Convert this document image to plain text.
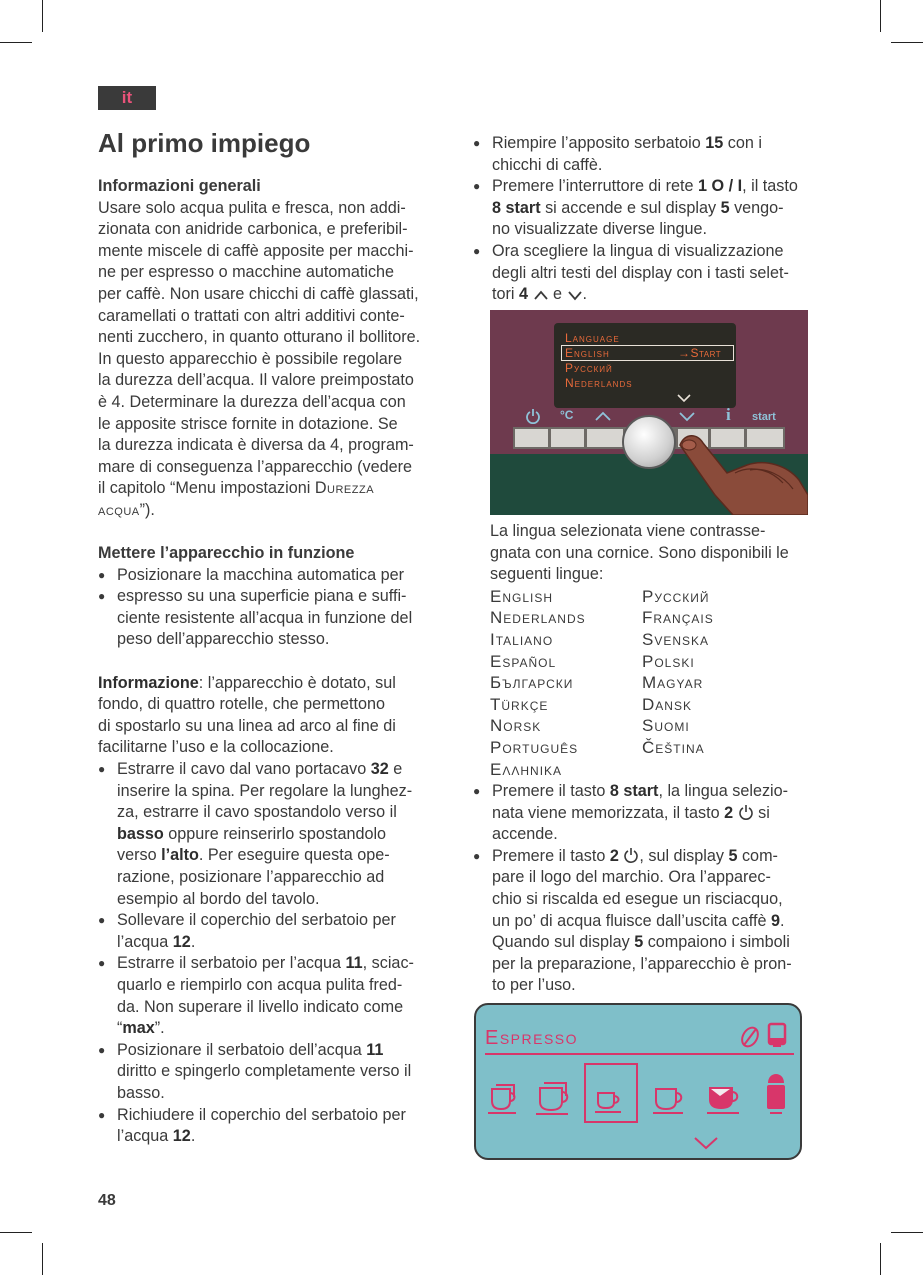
it
Al primo impiego

Informazioni generali

Usare solo acqua pulita e fresca, non addi-

zionata con anidride carbonica, e preferibil-

mente miscele di caffè apposite per macchi-

ne per espresso o macchine automatiche

per caffè. Non usare chicchi di caffè glassati,

caramellati o trattati con altri additivi conte-

nenti zucchero, in quanto otturano il bollitore.

In questo apparecchio è possibile regolare

la durezza dell’acqua. Il valore preimpostato

è 4. Determinare la durezza dell’acqua con

le apposite strisce fornite in dotazione. Se

la durezza indicata è diversa da 4, program-

mare di conseguenza l’apparecchio (vedere

il capitolo “Menu impostazioni Durezza

acqua”).

Mettere l’apparecchio in funzione

● Posizionare la macchina automatica per

● espresso su una superficie piana e suffi-

ciente resistente all’acqua in funzione del

peso dell’apparecchio stesso.

Informazione: l’apparecchio è dotato, sul

fondo, di quattro rotelle, che permettono

di spostarlo su una linea ad arco al fine di

facilitarne l’uso e la collocazione.

● Estrarre il cavo dal vano portacavo 32 e

inserire la spina. Per regolare la lunghez-

za, estrarre il cavo spostandolo verso il

basso oppure reinserirlo spostandolo

verso l’alto. Per eseguire questa ope-

razione, posizionare l’apparecchio ad

esempio al bordo del tavolo.

● Sollevare il coperchio del serbatoio per

l’acqua 12.

● Estrarre il serbatoio per l’acqua 11, sciac-

quarlo e riempirlo con acqua pulita fred-

da. Non superare il livello indicato come

“max”.

● Posizionare il serbatoio dell’acqua 11

diritto e spingerlo completamente verso il

basso.

● Richiudere il coperchio del serbatoio per

l’acqua 12.

● Riempire l’apposito serbatoio 15 con i

chicchi di caffè.

● Premere l’interruttore di rete 1 O / I, il tasto

8 start si accende e sul display 5 vengo-

no visualizzate diverse lingue.

● Ora scegliere la lingua di visualizzazione

degli altri testi del display con i tasti selet-

tori 4  e .

Language
English	→Start
Русский
Nederlands
°C	i start

La lingua selezionata viene contrasse-

gnata con una cornice. Sono disponibili le

seguenti lingue:

English	Русский
Nederlands	Français
Italiano	Svenska
Español	Polski
Български	Magyar
Türkçe	Dansk
Norsk	Suomi
Português	Čeština
Ελληνικα

● Premere il tasto 8 start, la lingua selezio-

nata viene memorizzata, il tasto 2  si

accende.

● Premere il tasto 2 , sul display 5 com-

pare il logo del marchio. Ora l’apparec-

chio si riscalda ed esegue un risciacquo,

un po’ di acqua fluisce dall’uscita caffè 9.

Quando sul display 5 compaiono i simboli

per la preparazione, l’apparecchio è pron-

to per l’uso.

Espresso
48
